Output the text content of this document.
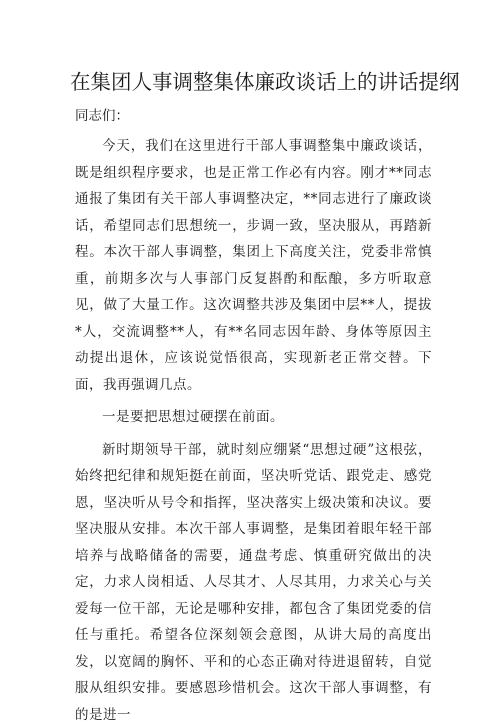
在集团人事调整集体廉政谈话上的讲话提纲

同志们：

今天，我们在这里进行干部人事调整集中廉政谈话，既是组织程序要求，也是正常工作必有内容。刚才**同志通报了集团有关干部人事调整决定，**同志进行了廉政谈话，希望同志们思想统一，步调一致，坚决服从，再踏新程。本次干部人事调整，集团上下高度关注，党委非常慎重，前期多次与人事部门反复斟酌和酝酿，多方听取意见，做了大量工作。这次调整共涉及集团中层**人，提拔*人，交流调整**人，有**名同志因年龄、身体等原因主动提出退休，应该说觉悟很高，实现新老正常交替。下面，我再强调几点。

一是要把思想过硬摆在前面。

新时期领导干部，就时刻应绷紧“思想过硬”这根弦，始终把纪律和规矩挺在前面，坚决听党话、跟党走、感党恩，坚决听从号令和指挥，坚决落实上级决策和决议。要坚决服从安排。本次干部人事调整，是集团着眼年轻干部培养与战略储备的需要，通盘考虑、慎重研究做出的决定，力求人岗相适、人尽其才、人尽其用，力求关心与关爱每一位干部，无论是哪种安排，都包含了集团党委的信任与重托。希望各位深刻领会意图，从讲大局的高度出发，以宽阔的胸怀、平和的心态正确对待进退留转，自觉服从组织安排。要感恩珍惜机会。这次干部人事调整，有的是进一
